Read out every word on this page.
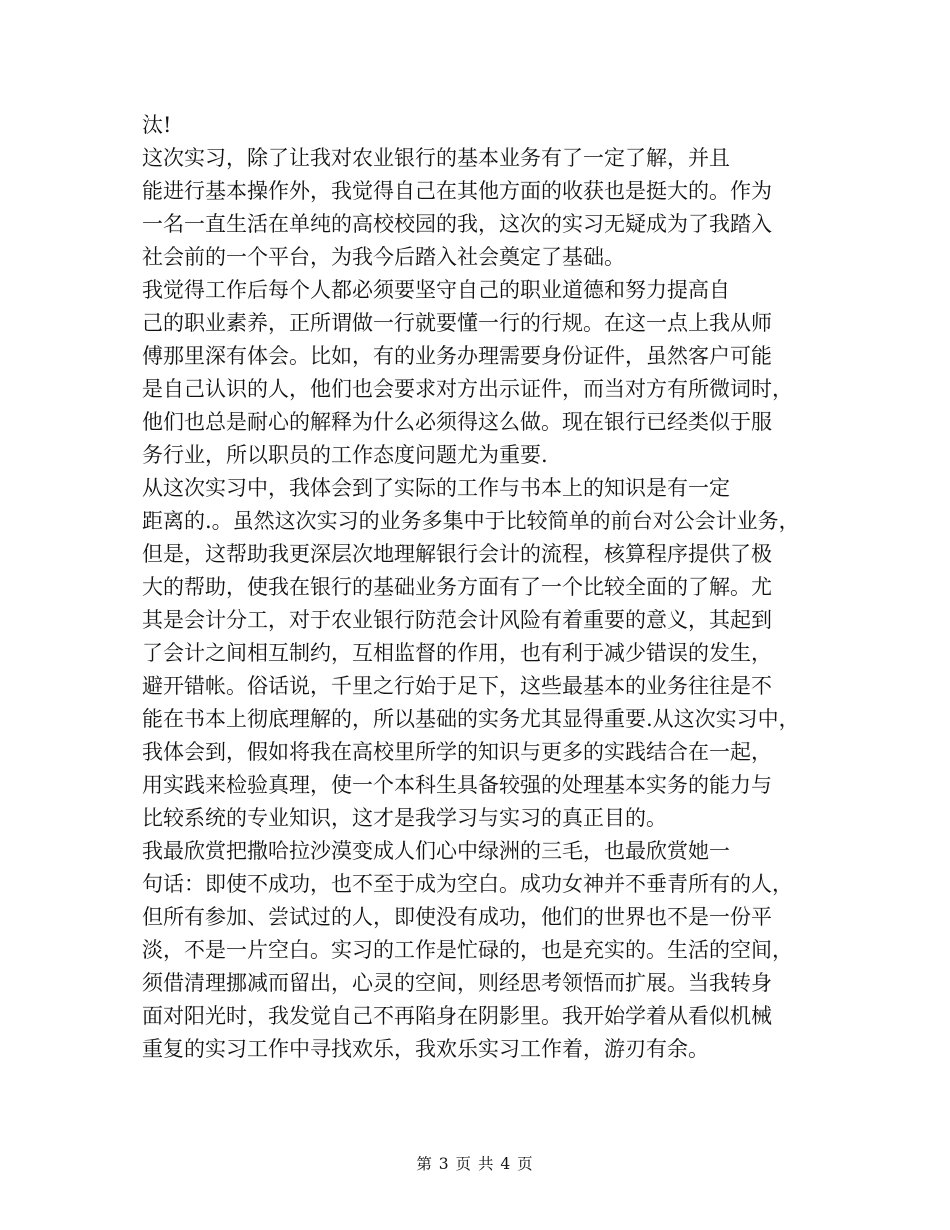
汰!
这次实习，除了让我对农业银行的基本业务有了一定了解，并且
能进行基本操作外，我觉得自己在其他方面的收获也是挺大的。作为
一名一直生活在单纯的高校校园的我，这次的实习无疑成为了我踏入
社会前的一个平台，为我今后踏入社会奠定了基础。
我觉得工作后每个人都必须要坚守自己的职业道德和努力提高自
己的职业素养，正所谓做一行就要懂一行的行规。在这一点上我从师
傅那里深有体会。比如，有的业务办理需要身份证件，虽然客户可能
是自己认识的人，他们也会要求对方出示证件，而当对方有所微词时，
他们也总是耐心的解释为什么必须得这么做。现在银行已经类似于服
务行业，所以职员的工作态度问题尤为重要.
从这次实习中，我体会到了实际的工作与书本上的知识是有一定
距离的.。虽然这次实习的业务多集中于比较简单的前台对公会计业务，
但是，这帮助我更深层次地理解银行会计的流程，核算程序提供了极
大的帮助，使我在银行的基础业务方面有了一个比较全面的了解。尤
其是会计分工，对于农业银行防范会计风险有着重要的意义，其起到
了会计之间相互制约，互相监督的作用，也有利于减少错误的发生，
避开错帐。俗话说，千里之行始于足下，这些最基本的业务往往是不
能在书本上彻底理解的，所以基础的实务尤其显得重要.从这次实习中，
我体会到，假如将我在高校里所学的知识与更多的实践结合在一起，
用实践来检验真理，使一个本科生具备较强的处理基本实务的能力与
比较系统的专业知识，这才是我学习与实习的真正目的。
我最欣赏把撒哈拉沙漠变成人们心中绿洲的三毛，也最欣赏她一
句话：即使不成功，也不至于成为空白。成功女神并不垂青所有的人，
但所有参加、尝试过的人，即使没有成功，他们的世界也不是一份平
淡，不是一片空白。实习的工作是忙碌的，也是充实的。生活的空间，
须借清理挪减而留出，心灵的空间，则经思考领悟而扩展。当我转身
面对阳光时，我发觉自己不再陷身在阴影里。我开始学着从看似机械
重复的实习工作中寻找欢乐，我欢乐实习工作着，游刃有余。
第 3 页 共 4 页
